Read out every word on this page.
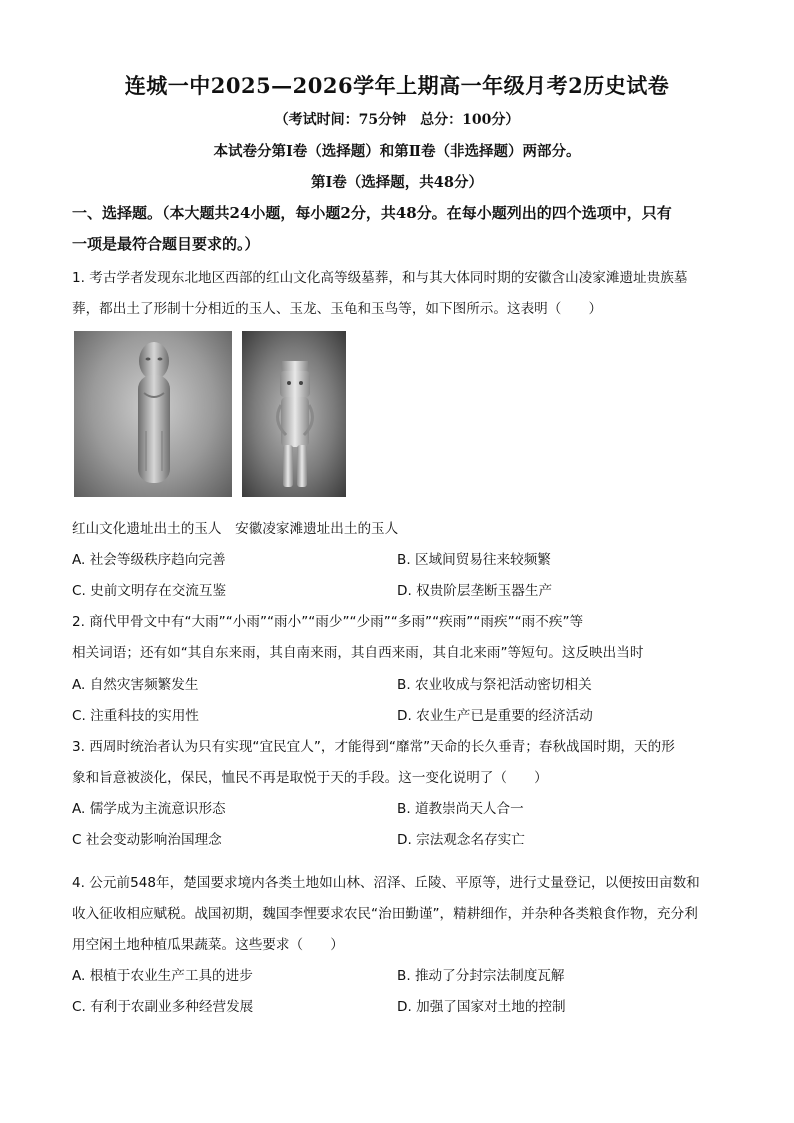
连城一中2025—2026学年上期高一年级月考2历史试卷
（考试时间：75分钟　总分：100分）
本试卷分第Ⅰ卷（选择题）和第Ⅱ卷（非选择题）两部分。
第Ⅰ卷（选择题，共48分）
一、选择题。（本大题共24小题，每小题2分，共48分。在每小题列出的四个选项中，只有
一项是最符合题目要求的。）
1. 考古学者发现东北地区西部的红山文化高等级墓葬，和与其大体同时期的安徽含山凌家滩遗址贵族墓
葬，都出土了形制十分相近的玉人、玉龙、玉龟和玉鸟等，如下图所示。这表明（　　）
红山文化遗址出土的玉人　安徽凌家滩遗址出土的玉人
A. 社会等级秩序趋向完善	B. 区域间贸易往来较频繁
C. 史前文明存在交流互鉴	D. 权贵阶层垄断玉器生产
2. 商代甲骨文中有“大雨”“小雨”“雨小”“雨少”“少雨”“多雨”“疾雨”“雨疾”“雨不疾”等
相关词语；还有如“其自东来雨，其自南来雨，其自西来雨，其自北来雨”等短句。这反映出当时
A. 自然灾害频繁发生	B. 农业收成与祭祀活动密切相关
C. 注重科技的实用性	D. 农业生产已是重要的经济活动
3. 西周时统治者认为只有实现“宜民宜人”，才能得到“靡常”天命的长久垂青；春秋战国时期，天的形
象和旨意被淡化，保民，恤民不再是取悦于天的手段。这一变化说明了（　　）
A. 儒学成为主流意识形态	B. 道教崇尚天人合一
C 社会变动影响治国理念	D. 宗法观念名存实亡
4. 公元前548年，楚国要求境内各类土地如山林、沼泽、丘陵、平原等，进行丈量登记，以便按田亩数和
收入征收相应赋税。战国初期，魏国李悝要求农民“治田勤谨”，精耕细作，并杂种各类粮食作物，充分利
用空闲土地种植瓜果蔬菜。这些要求（　　）
A. 根植于农业生产工具的进步	B. 推动了分封宗法制度瓦解
C. 有利于农副业多种经营发展	D. 加强了国家对土地的控制
